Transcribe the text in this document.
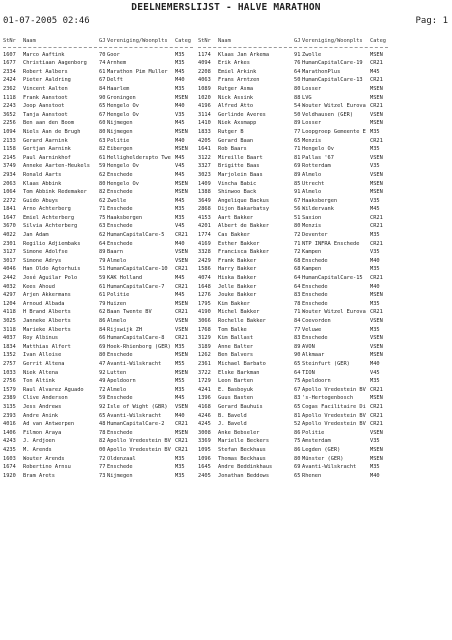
DEELNEMERSLIJST - HALVE MARATHON
01-07-2005 02:46	Pag: 1
StNr	Naam	GJ Vereniging/Woonplts	Categ
1607	Marco Aaftink	70 Goor	M35
1677	Christiaan Aagenborg	74 Arnhem	M35
2334	Robert Aalbers	61 Marathon Pim Muller	M45
2424	Pieter Aaldring	67 Delft	M40
2362	Vincent Aalten	84 Haarlem	M35
1118	Frank Aanstoot	90 Groningen	MSEN
2243	Joop Aanstoot	65 Hengelo Ov	M40
3652	Tanja Aanstoot	67 Hengelo Ov	V35
2256	Ben aan den Boom	60 Nijmegen	M45
1094	Niels Aan de Brugh	80 Nijmegen	MSEN
2133	Gerard Aarnink	63 Politie	M40
1158	Gertjan Aarnink	82 Eibergen	MSEN
2145	Paul Aarninkhof	61 Hellighelderspto Twe M45
3749	Anneke Aarten-Heukels	59 Hengelo Ov	V45
2934	Ronald Aarts	62 Enschede	M45
2063	Klaas Abbink	80 Hengelo Ov	MSEN
1064	Tom Abbink Redemaker	82 Enschede	MSEN
2272	Guido Abuys	62 Zwolle	M45
1841	Arno Achterberg	71 Enschede	M35
1647	Emiel Achterberg	75 Haaksbergen	M35
3670	Silvia Achterberg	63 Enschede	V45
4022	Jan Adam	62 HumanCapitalCare-5	CR21
2301	Regilio Adjiembaks	64 Enschede	M40
3127	Simone Adolfse	89 Baarn	VSEN
3017	Simone Adrys	79 Almelo	VSEN
4046	Han Oldo Agtorhuis	51 HumanCapitalCare-10	CR21
2442	José Aguilar Polo	59 KAK Holland	M45
4032	Kees Ahoud	61 HumanCapitalCare-7	CR21
4297	Arjen Akkermans	61 Politie	M45
1204	Arnoud Albada	79 Huizen	MSEN
4118	H Brand Alberts	62 Baan Twente BV	CR21
3025	Janneke Alberts	86 Almelo	VSEN
3118	Marieke Alberts	84 Rijswijk ZH	VSEN
4037	Roy Albinus	66 HumanCapitalCare-8	CR21
1834	Matthias Alfert	69 Hoek-Rhienborg (GER) M35
1352	Ivan Alloise	80 Enschede	MSEN
2757	Gerrit Altena	47 Avanti-Wilskracht	M55
1033	Niek Altena	92 Lutten	MSEN
2756	Ton Altink	49 Apeldoorn	M55
1579	Raul Alvarez Aguado	72 Almelo	M35
2389	Clive Anderson	59 Enschede	M45
3135	Jess Andrews	92 Isle of Wight (GBR)	VSEN
2393	Andre Anink	65 Avanti-Wilskracht	M40
4016	Ad van Antwerpen	48 HumanCapitalCare-2	CR21
1406	Filmon Araya	78 Enschede	MSEN
4243	J. Ardjoen	82 Apollo Vredestein BV CR21
4235	M. Arends	00 Apollo Vredestein BV CR21
1603	Wouter Arends	72 Oldenzaal	M35
1674	Robertino Arnsu	77 Enschede	M35
1920	Bram Arets	73 Nijmegen	M35
StNr	Naam	GJ Vereniging/Woonplts	Categ
1174	Klaas Jan Arkema	91 Zwolle	MSEN
4094	Erik Arkes	76 HumanCapitalCare-19	CR21
2208	Emiel Arkink	64 MarathonPlus	M45
4063	Frans Arntzen	50 HumanCapitalCare-13	CR21
1089	Rutger Asma	80 Losser	MSEN
1020	Nick Assink	88 LVG	MSEN
4196	Alfred Atto	54 Wouter Witzel Eurova CR21
3114	Gerlinde Averes	50 Veldhausen (GER)	VSEN
1410	Niek Axsmapp	89 Losser	MSEN
1833	Rutger B	77 Loopgroep Gemeente E M35
4205	Gerard Baan	65 Menzis	CR21
1641	Rob Baars	71 Hengelo Ov	M35
3122	Mireille Baart	81 Pallas '67	VSEN
3327	Brigitte Baas	69 Rotterdam	V35
3023	Marjolein Baas	89 Almelo	VSEN
1409	Vincha Babic	85 Utrecht	MSEN
1388	Shinwoo Back	91 Almelo	MSEN
3649	Angelique Backus	67 Haaksbergen	V35
2868	Dijon Bakarbatsy	56 Wildervank	M45
4153	Aart Bakker	51 Saxion	CR21
4201	Albert de Bakker	80 Menzis	CR21
1774	Cas Bakker	72 Deventer	M35
4169	Esther Bakker	71 NTP INFRA Enschede	CR21
3328	Francisca Bakker	72 Kampen	V35
2429	Frank Bakker	68 Enschede	M40
1586	Harry Bakker	68 Kampen	M35
4074	Hiska Bakker	64 HumanCapitalCare-15	CR21
1648	Jelle Bakker	64 Enschede	M40
1276	Jouke Bakker	83 Enschede	MSEN
1795	Kim Bakker	78 Enschede	M35
4190	Michel Bakker	71 Wouter Witzel Eurova CR21
3066	Rochelle Bakker	84 Coevorden	VSEN
1768	Tom Balke	77 Veluwe	M35
3129	Kim Ballast	83 Enschede	VSEN
3189	Anne Balter	89 AVON	VSEN
1262	Ben Balvers	90 Alkmaar	MSEN
2361	Michael Barbato	65 Steinfurt (GER)	M40
3722	Elske Barkman	64 TION	V45
1729	Leon Barten	75 Apeldoorn	M35
4241	E. Basboyuk	67 Apollo Vredestein BV CR21
1396	Guus Basten	83 's-Hertogenbosch	MSEN
4168	Gerard Bauhuis	65 Cogas Facilitaire Di CR21
4246	B. Baveld	81 Apollo Vredestein BV CR21
4245	J. Baveld	52 Apollo Vredestein BV CR21
3008	Anke Bebseler	86 Politie	VSEN
3369	Marielle Beckers	75 Amsterdam	V35
1095	Stefan Beckhaus	86 Legden (GER)	MSEN
1096	Thomas Beckhaus	80 Münster (GER)	MSEN
1645	Andre Beddinkhaus	69 Avanti-Wilskracht	M35
2405	Jonathan Beddows	65 Rhenen	M40
